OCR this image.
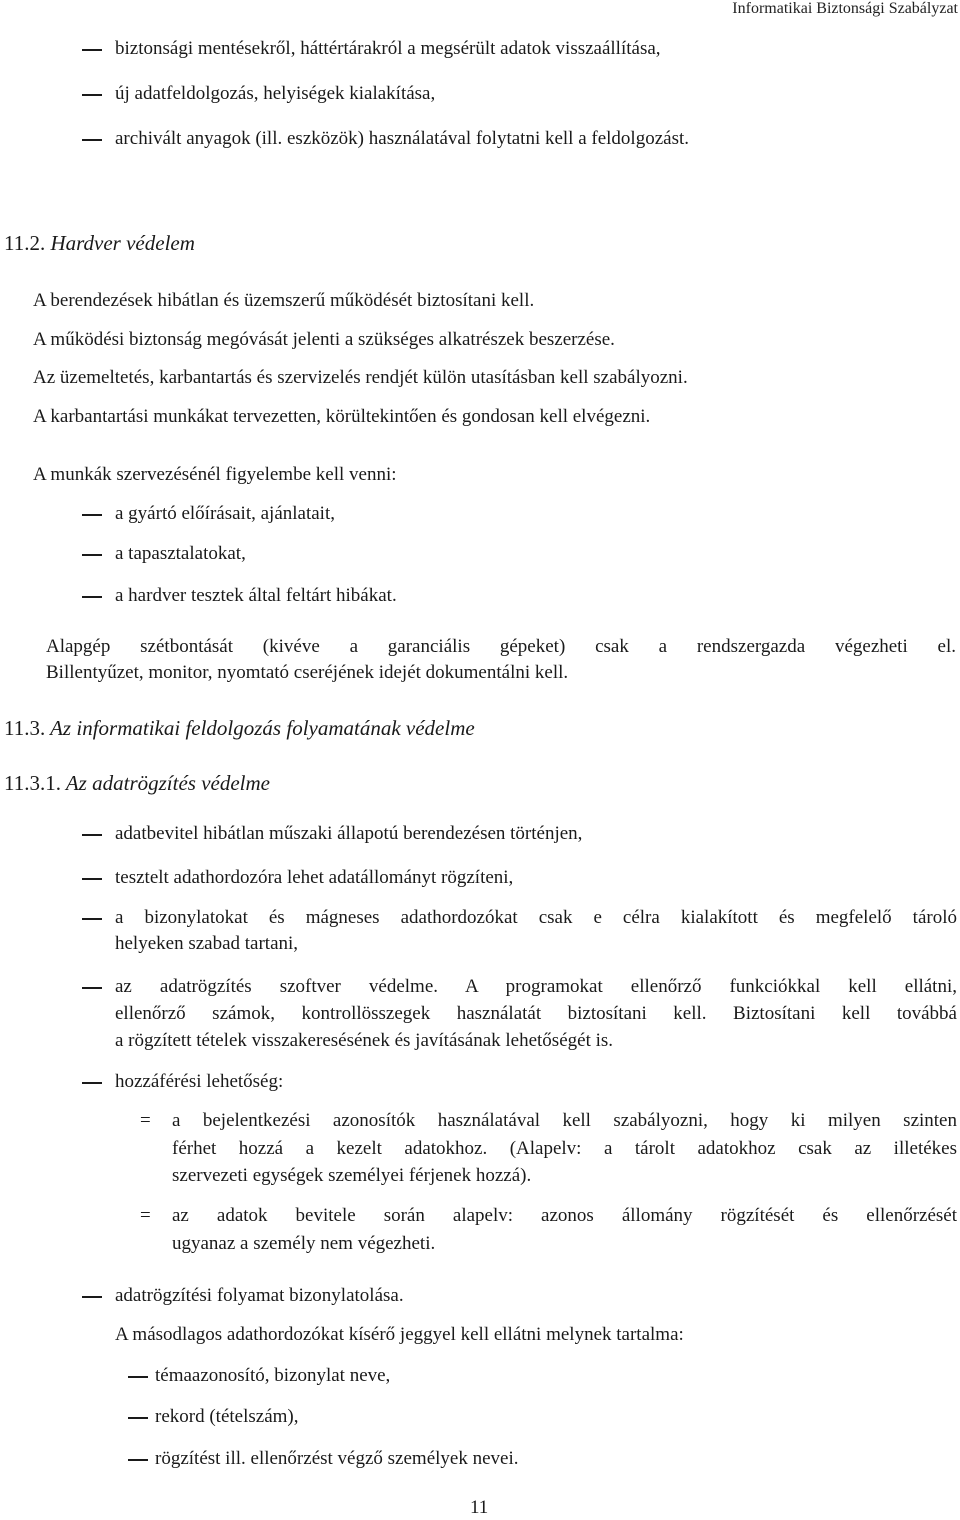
Informatikai Biztonsági Szabályzat
biztonsági mentésekről, háttértárakról a megsérült adatok visszaállítása,
új adatfeldolgozás, helyiségek kialakítása,
archivált anyagok (ill. eszközök) használatával folytatni kell a feldolgozást.
11.2. Hardver védelem
A berendezések hibátlan és üzemszerű működését biztosítani kell.
A működési biztonság megóvását jelenti a szükséges alkatrészek beszerzése.
Az üzemeltetés, karbantartás és szervizelés rendjét külön utasításban kell szabályozni.
A karbantartási munkákat tervezetten, körültekintően és gondosan kell elvégezni.
A munkák szervezésénél figyelembe kell venni:
a gyártó előírásait, ajánlatait,
a tapasztalatokat,
a hardver tesztek által feltárt hibákat.
Alapgép szétbontását (kivéve a garanciális gépeket) csak a rendszergazda végezheti el.
Billentyűzet, monitor, nyomtató cseréjének idejét dokumentálni kell.
11.3. Az informatikai feldolgozás folyamatának védelme
11.3.1. Az adatrögzítés védelme
adatbevitel hibátlan műszaki állapotú berendezésen történjen,
tesztelt adathordozóra lehet adatállományt rögzíteni,
a bizonylatokat és mágneses adathordozókat csak e célra kialakított és megfelelő tároló
helyeken szabad tartani,
az adatrögzítés szoftver védelme. A programokat ellenőrző funkciókkal kell ellátni,
ellenőrző számok, kontrollösszegek használatát biztosítani kell. Biztosítani kell továbbá
a rögzített tételek visszakeresésének és javításának lehetőségét is.
hozzáférési lehetőség:
= a bejelentkezési azonosítók használatával kell szabályozni, hogy ki milyen szinten
férhet hozzá a kezelt adatokhoz. (Alapelv: a tárolt adatokhoz csak az illetékes
szervezeti egységek személyei férjenek hozzá).
= az adatok bevitele során alapelv: azonos állomány rögzítését és ellenőrzését
ugyanaz a személy nem végezheti.
adatrögzítési folyamat bizonylatolása.
A másodlagos adathordozókat kísérő jeggyel kell ellátni melynek tartalma:
témaazonosító, bizonylat neve,
rekord (tételszám),
rögzítést ill. ellenőrzést végző személyek nevei.
11
